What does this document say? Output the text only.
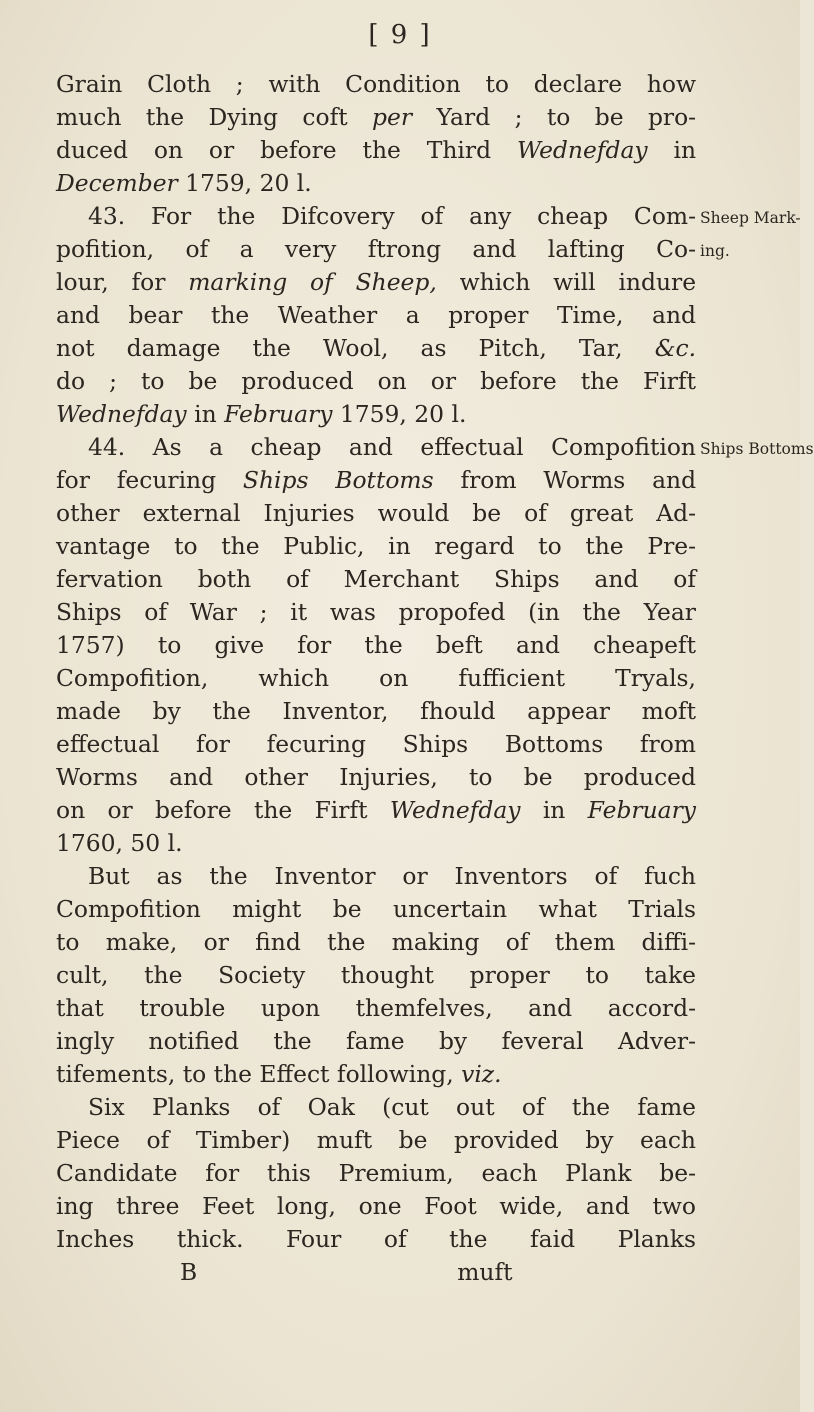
[ 9 ]
Grain Cloth ; with Condition to declare how
much the Dying coft per Yard ; to be pro-
duced on or before the Third Wednefday in
December 1759, 20 l.
43. For the Difcovery of any cheap Com-
pofition, of a very ftrong and lafting Co-
lour, for marking of Sheep, which will indure
and bear the Weather a proper Time, and
not damage the Wool, as Pitch, Tar, &c.
do ; to be produced on or before the Firft
Wednefday in February 1759, 20 l.
44. As a cheap and effectual Compofition
for fecuring Ships Bottoms from Worms and
other external Injuries would be of great Ad-
vantage to the Public, in regard to the Pre-
fervation both of Merchant Ships and of
Ships of War ; it was propofed (in the Year
1757) to give for the beft and cheapeft
Compofition, which on fufficient Tryals,
made by the Inventor, fhould appear moft
effectual for fecuring Ships Bottoms from
Worms and other Injuries, to be produced
on or before the Firft Wednefday in February
1760, 50 l.
But as the Inventor or Inventors of fuch
Compofition might be uncertain what Trials
to make, or find the making of them diffi-
cult, the Society thought proper to take
that trouble upon themfelves, and accord-
ingly notified the fame by feveral Adver-
tifements, to the Effect following, viz.
Six Planks of Oak (cut out of the fame
Piece of Timber) muft be provided by each
Candidate for this Premium, each Plank be-
ing three Feet long, one Foot wide, and two
Inches thick. Four of the faid Planks
B	muft
Sheep Mark-
ing.
Ships Bottoms
